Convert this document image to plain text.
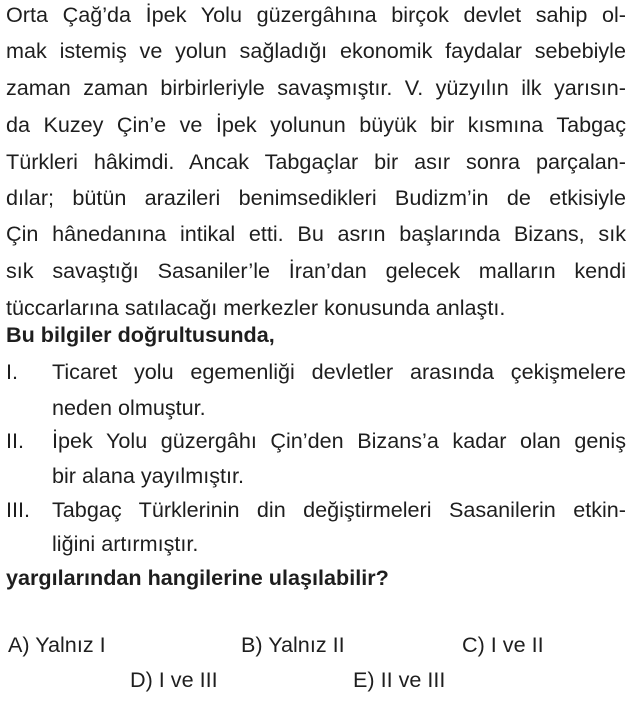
Orta Çağ’da İpek Yolu güzergâhına birçok devlet sahip ol-
mak istemiş ve yolun sağladığı ekonomik faydalar sebebiyle
zaman zaman birbirleriyle savaşmıştır. V. yüzyılın ilk yarısın-
da Kuzey Çin’e ve İpek yolunun büyük bir kısmına Tabgaç
Türkleri hâkimdi. Ancak Tabgaçlar bir asır sonra parçalan-
dılar; bütün arazileri benimsedikleri Budizm’in de etkisiyle
Çin hânedanına intikal etti. Bu asrın başlarında Bizans, sık
sık savaştığı Sasaniler’le İran’dan gelecek malların kendi
tüccarlarına satılacağı merkezler konusunda anlaştı.
Bu bilgiler doğrultusunda,
I. Ticaret yolu egemenliği devletler arasında çekişmelere
neden olmuştur.
II. İpek Yolu güzergâhı Çin’den Bizans’a kadar olan geniş
bir alana yayılmıştır.
III. Tabgaç Türklerinin din değiştirmeleri Sasanilerin etkin-
liğini artırmıştır.
yargılarından hangilerine ulaşılabilir?
A) Yalnız I	B) Yalnız II	C) I ve II
D) I ve III	E) II ve III
